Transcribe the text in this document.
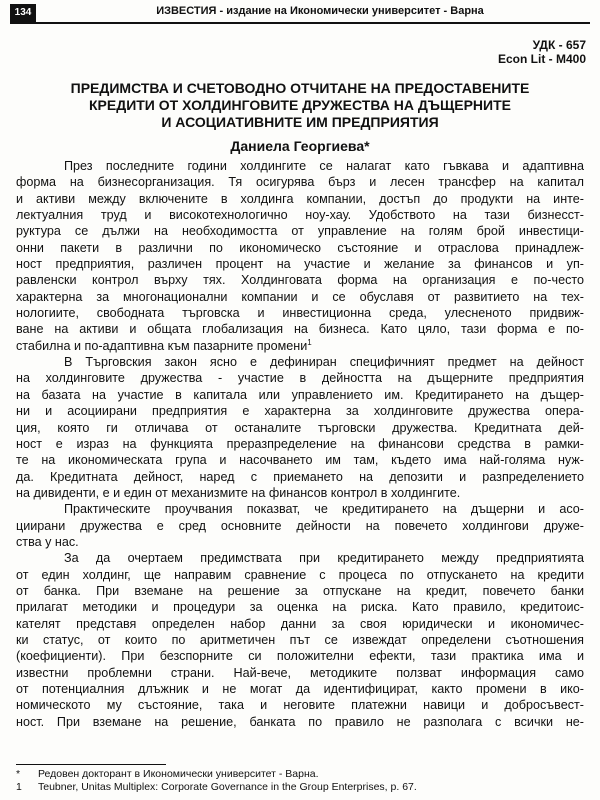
134	ИЗВЕСТИЯ - издание на Икономически университет - Варна
УДК - 657
Econ Lit - M400
ПРЕДИМСТВА И СЧЕТОВОДНО ОТЧИТАНЕ НА ПРЕДОСТАВЕНИТЕ
КРЕДИТИ ОТ ХОЛДИНГОВИТЕ ДРУЖЕСТВА НА ДЪЩЕРНИТЕ
И АСОЦИАТИВНИТЕ ИМ ПРЕДПРИЯТИЯ
Даниела Георгиева*
През последните години холдингите се налагат като гъвкава и адаптивна
форма на бизнесорганизация. Тя осигурява бърз и лесен трансфер на капитал
и активи между включените в холдинга компании, достъп до продукти на инте-
лектуалния труд и високотехнологично ноу-хау. Удобството на тази бизнесст-
руктура се дължи на необходимостта от управление на голям брой инвестици-
онни пакети в различни по икономическо състояние и отраслова принадлеж-
ност предприятия, различен процент на участие и желание за финансов и уп-
равленски контрол върху тях. Холдинговата форма на организация е по-често
характерна за многонационални компании и се обуславя от развитието на тех-
нологиите, свободната търговска и инвестиционна среда, улесненото придвиж-
ване на активи и общата глобализация на бизнеса. Като цяло, тази форма е по-
стабилна и по-адаптивна към пазарните промени$^1$
В Търговския закон ясно е дефиниран специфичният предмет на дейност
на холдинговите дружества - участие в дейността на дъщерните предприятия
на базата на участие в капитала или управлението им. Кредитирането на дъщер-
ни и асоциирани предприятия е характерна за холдинговите дружества опера-
ция, която ги отличава от останалите търговски дружества. Кредитната дей-
ност е израз на функцията преразпределение на финансови средства в рамки-
те на икономическата група и насочването им там, където има най-голяма нуж-
да. Кредитната дейност, наред с приемането на депозити и разпределението
на дивиденти, е и един от механизмите на финансов контрол в холдингите.
Практическите проучвания показват, че кредитирането на дъщерни и асо-
циирани дружества е сред основните дейности на повечето холдингови друже-
ства у нас.
За да очертаем предимствата при кредитирането между предприятията
от един холдинг, ще направим сравнение с процеса по отпускането на кредити
от банка. При вземане на решение за отпускане на кредит, повечето банки
прилагат методики и процедури за оценка на риска. Като правило, кредитоис-
кателят представя определен набор данни за своя юридически и икономичес-
ки статус, от които по аритметичен път се извеждат определени съотношения
(коефициенти). При безспорните си положителни ефекти, тази практика има и
известни проблемни страни. Най-вече, методиките ползват информация само
от потенциалния длъжник и не могат да идентифицират, както промени в ико-
номическото му състояние, така и неговите платежни навици и добросъвест-
ност. При вземане на решение, банката по правило не разполага с всички не-
* Редовен докторант в Икономически университет - Варна.
1 Teubner, Unitas Multiplex: Corporate Governance in the Group Enterprises, p. 67.
